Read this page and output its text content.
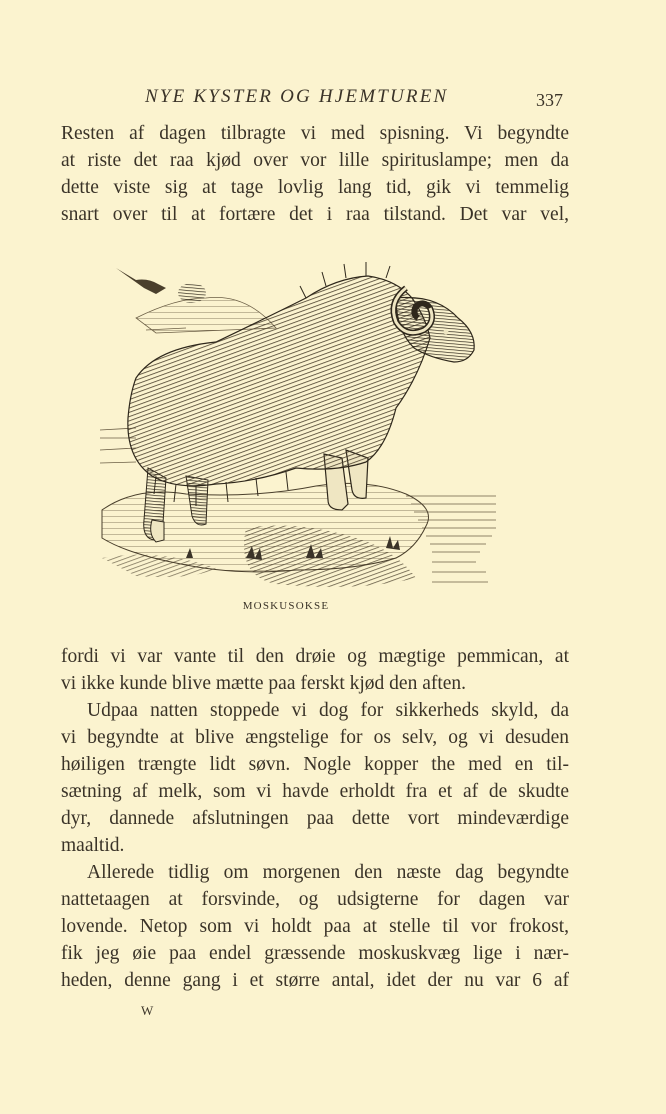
NYE KYSTER OG HJEMTUREN	337
Resten af dagen tilbragte vi med spisning. Vi begyndte
at riste det raa kjød over vor lille spirituslampe; men da
dette viste sig at tage lovlig lang tid, gik vi temmelig
snart over til at fortære det i raa tilstand. Det var vel,
MOSKUSOKSE
fordi vi var vante til den drøie og mægtige pemmican, at
vi ikke kunde blive mætte paa ferskt kjød den aften.
Udpaa natten stoppede vi dog for sikkerheds skyld, da
vi begyndte at blive ængstelige for os selv, og vi desuden
høiligen trængte lidt søvn. Nogle kopper the med en til-
sætning af melk, som vi havde erholdt fra et af de skudte
dyr, dannede afslutningen paa dette vort mindeværdige
maaltid.
Allerede tidlig om morgenen den næste dag begyndte
nattetaagen at forsvinde, og udsigterne for dagen var
lovende. Netop som vi holdt paa at stelle til vor frokost,
fik jeg øie paa endel græssende moskuskvæg lige i nær-
heden, denne gang i et større antal, idet der nu var 6 af
W
